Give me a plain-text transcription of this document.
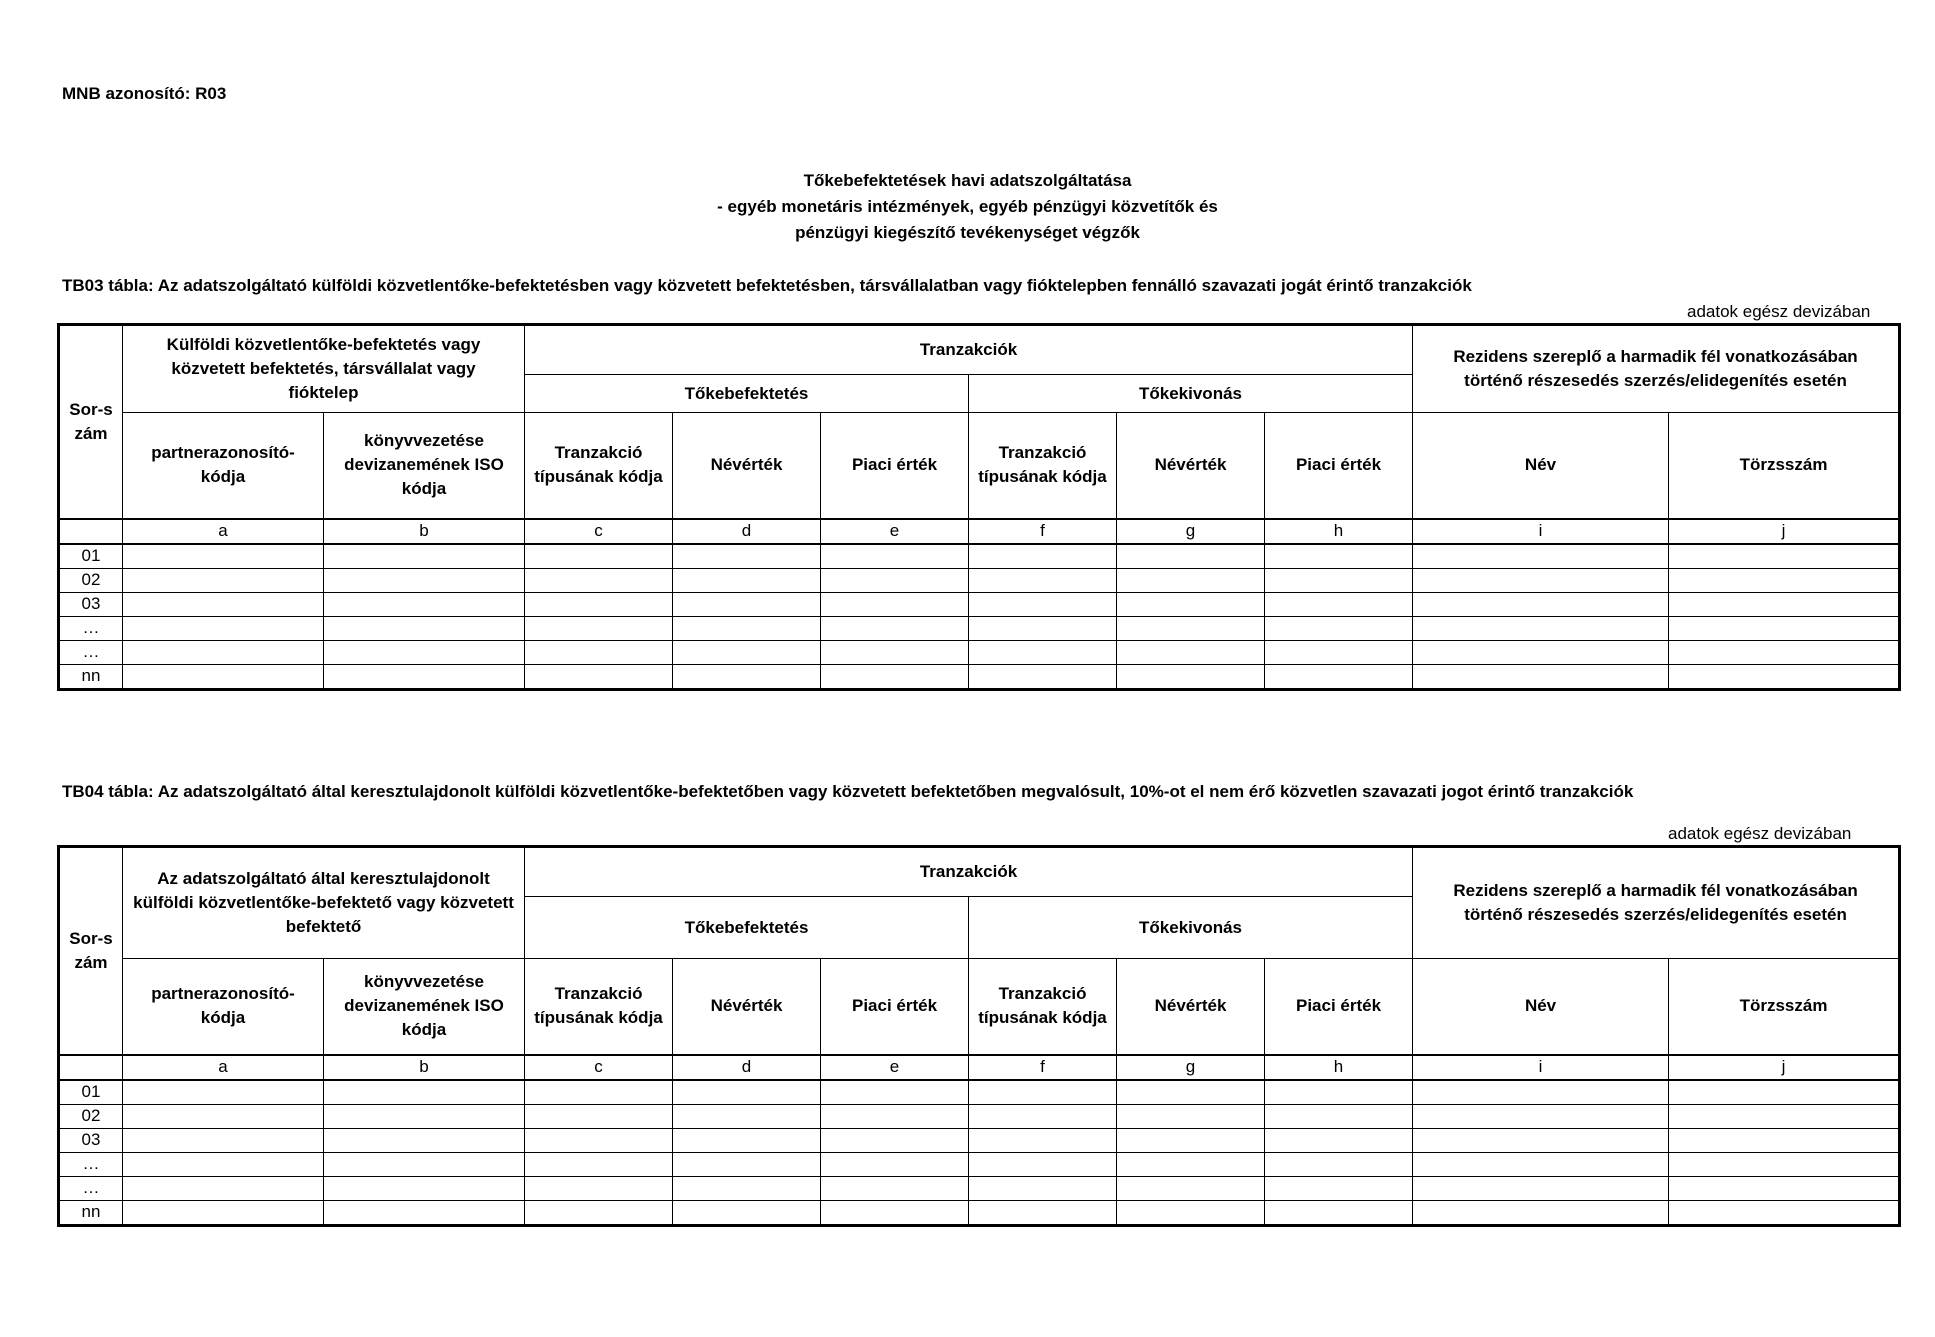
MNB azonosító: R03
Tőkebefektetések havi adatszolgáltatása
- egyéb monetáris intézmények, egyéb pénzügyi közvetítők és
pénzügyi kiegészítő tevékenységet végzők
TB03 tábla: Az adatszolgáltató külföldi közvetlentőke-befektetésben vagy közvetett befektetésben, társvállalatban vagy fióktelepben fennálló szavazati jogát érintő tranzakciók
adatok egész devizában
Sor-szám	Külföldi közvetlentőke-befektetés vagy közvetett befektetés, társvállalat vagy fióktelep		Tranzakciók						Rezidens szereplő a harmadik fél vonatkozásában történő részesedés szerzés/elidegenítés esetén	
			Tőkebefektetés			Tőkekivonás				
	partnerazonosító-kódja	könyvvezetése devizanemének ISO kódja	Tranzakció típusának kódja	Névérték	Piaci érték	Tranzakció típusának kódja	Névérték	Piaci érték	Név	Törzsszám
	a	b	c	d	e	f	g	h	i	j
01										
02										
03										
…										
…										
nn										
TB04 tábla: Az adatszolgáltató által keresztulajdonolt külföldi közvetlentőke-befektetőben vagy közvetett befektetőben megvalósult, 10%-ot el nem érő közvetlen szavazati jogot érintő tranzakciók
adatok egész devizában
Sor-szám	Az adatszolgáltató által keresztulajdonolt külföldi közvetlentőke-befektető vagy közvetett befektető		Tranzakciók						Rezidens szereplő a harmadik fél vonatkozásában történő részesedés szerzés/elidegenítés esetén	
			Tőkebefektetés			Tőkekivonás				
	partnerazonosító-kódja	könyvvezetése devizanemének ISO kódja	Tranzakció típusának kódja	Névérték	Piaci érték	Tranzakció típusának kódja	Névérték	Piaci érték	Név	Törzsszám
	a	b	c	d	e	f	g	h	i	j
01										
02										
03										
…										
…										
nn										
